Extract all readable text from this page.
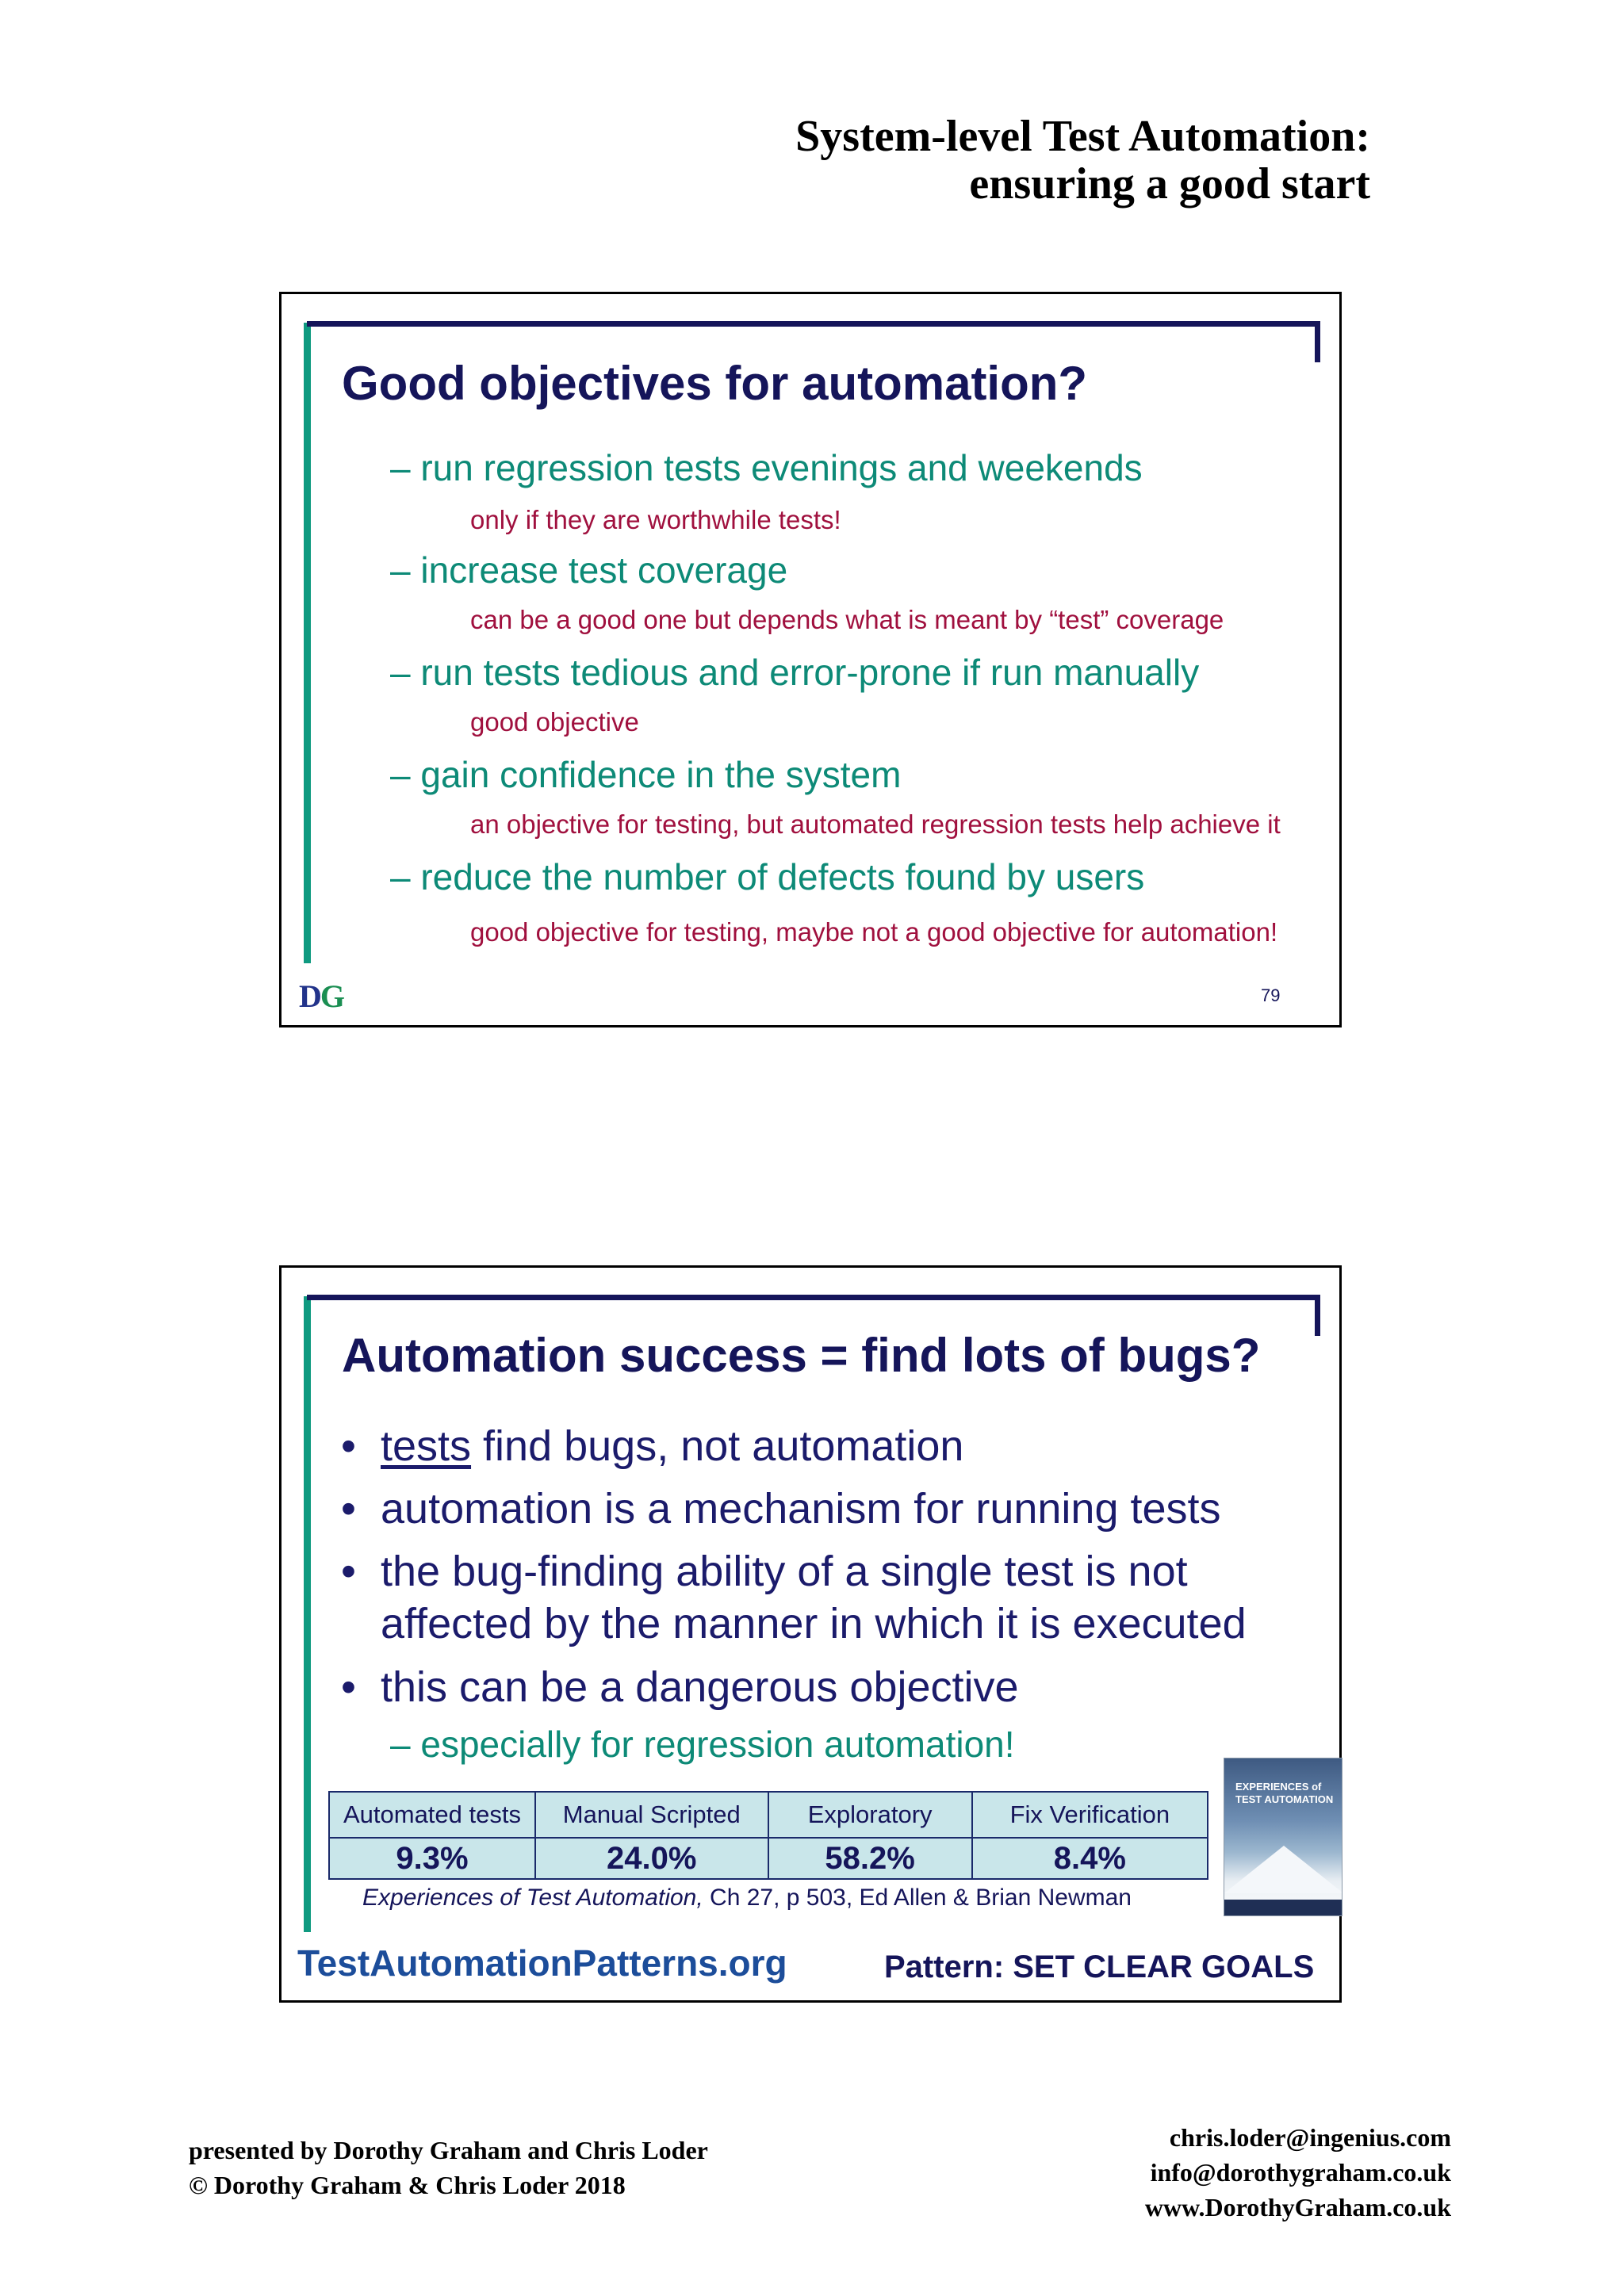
System-level Test Automation:
ensuring a good start
Good objectives for automation?
– run regression tests evenings and weekends
only if they are worthwhile tests!
– increase test coverage
can be a good one but depends what is meant by “test” coverage
– run tests tedious and error-prone if run manually
good objective
– gain confidence in the system
an objective for testing, but automated regression tests help achieve it
– reduce the number of defects found by users
good objective for testing, maybe not a good objective for automation!
DG	79
Automation success = find lots of bugs?
• tests find bugs, not automation
• automation is a mechanism for running tests
• the bug-finding ability of a single test is not
affected by the manner in which it is executed
• this can be a dangerous objective
– especially for regression automation!
Automated tests	Manual Scripted	Exploratory	Fix Verification
9.3%	24.0%	58.2%	8.4%
Experiences of Test Automation, Ch 27, p 503, Ed Allen & Brian Newman
EXPERIENCES of
TEST AUTOMATION
TestAutomationPatterns.org	Pattern: SET CLEAR GOALS
presented by Dorothy Graham and Chris Loder
© Dorothy Graham & Chris Loder 2018
chris.loder@ingenius.com
info@dorothygraham.co.uk
www.DorothyGraham.co.uk
